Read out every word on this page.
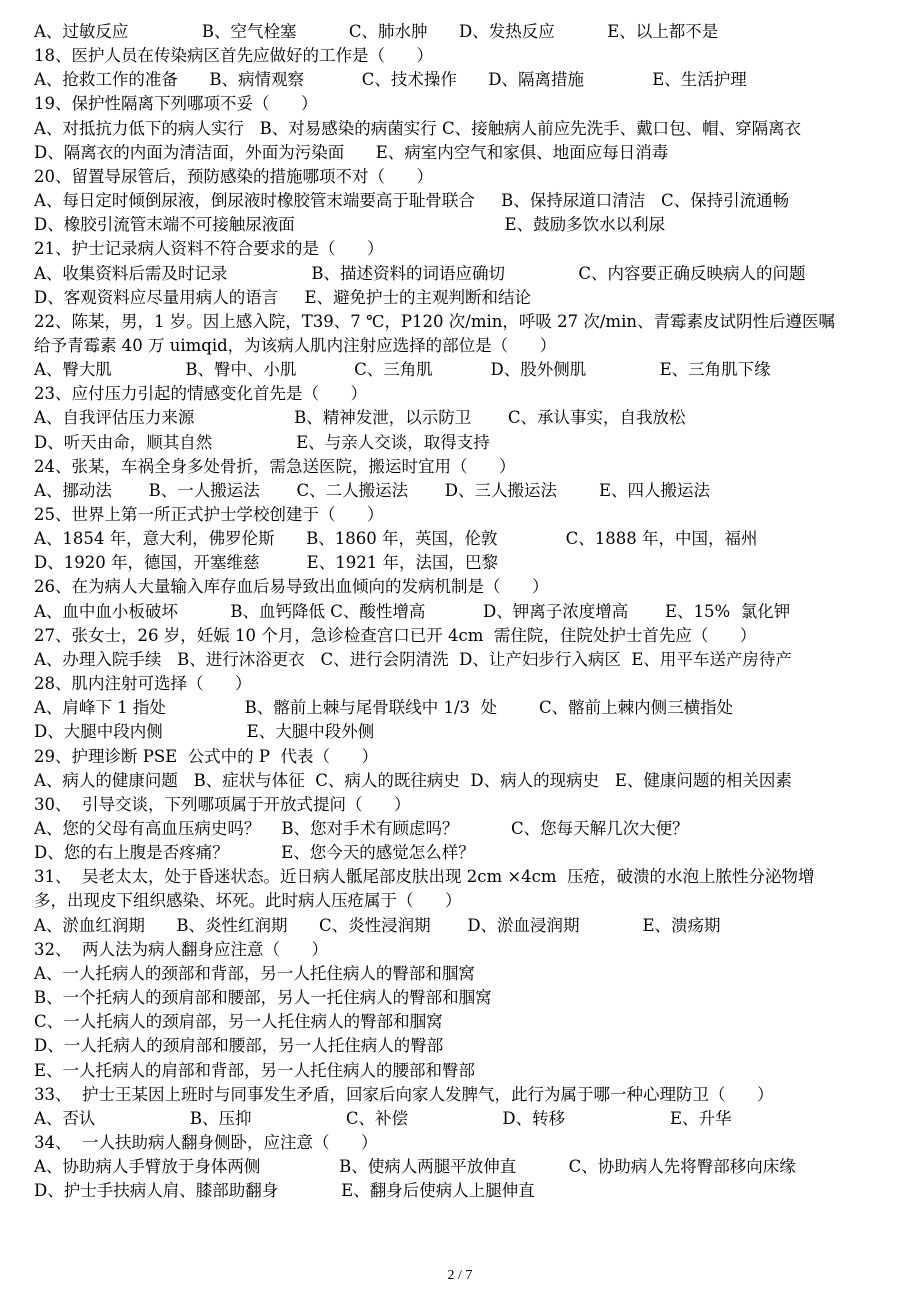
A、过敏反应              B、空气栓塞          C、肺水肿      D、发热反应          E、以上都不是
18、医护人员在传染病区首先应做好的工作是（      ）
A、抢救工作的准备      B、病情观察           C、技术操作      D、隔离措施             E、生活护理
19、保护性隔离下列哪项不妥（      ）
A、对抵抗力低下的病人实行   B、对易感染的病菌实行 C、接触病人前应先洗手、戴口包、帽、穿隔离衣
D、隔离衣的内面为清洁面，外面为污染面      E、病室内空气和家俱、地面应每日消毒
20、留置导尿管后，预防感染的措施哪项不对（      ）
A、每日定时倾倒尿液，倒尿液时橡胶管末端要高于耻骨联合     B、保持尿道口清洁   C、保持引流通畅
D、橡胶引流管末端不可接触尿液面                                        E、鼓励多饮水以利尿
21、护士记录病人资料不符合要求的是（      ）
A、收集资料后需及时记录                B、描述资料的词语应确切              C、内容要正确反映病人的问题
D、客观资料应尽量用病人的语言     E、避免护士的主观判断和结论
22、陈某，男，1 岁。因上感入院，T39、7 ℃，P120 次/min，呼吸 27 次/min、青霉素皮试阴性后遵医嘱
给予青霉素 40 万 uimqid，为该病人肌内注射应选择的部位是（      ）
A、臀大肌              B、臀中、小肌           C、三角肌           D、股外侧肌              E、三角肌下缘
23、应付压力引起的情感变化首先是（      ）
A、自我评估压力来源                   B、精神发泄，以示防卫       C、承认事实，自我放松
D、听天由命，顺其自然                E、与亲人交谈，取得支持
24、张某，车祸全身多处骨折，需急送医院，搬运时宜用（      ）
A、挪动法       B、一人搬运法       C、二人搬运法       D、三人搬运法        E、四人搬运法
25、世界上第一所正式护士学校创建于（      ）
A、1854 年，意大利，佛罗伦斯      B、1860 年，英国，伦敦             C、1888 年，中国，福州
D、1920 年，德国，开塞维慈         E、1921 年，法国，巴黎
26、在为病人大量输入库存血后易导致出血倾向的发病机制是（      ）
A、血中血小板破坏          B、血钙降低 C、酸性增高           D、钾离子浓度增高       E、15%  氯化钾
27、张女士，26 岁，妊娠 10 个月，急诊检查宫口已开 4cm  需住院，住院处护士首先应（      ）
A、办理入院手续   B、进行沐浴更衣   C、进行会阴清洗  D、让产妇步行入病区  E、用平车送产房待产
28、肌内注射可选择（      ）
A、肩峰下 1 指处               B、髂前上棘与尾骨联线中 1/3  处        C、髂前上棘内侧三横指处
D、大腿中段内侧                E、大腿中段外侧
29、护理诊断 PSE  公式中的 P  代表（      ）
A、病人的健康问题   B、症状与体征  C、病人的既往病史  D、病人的现病史   E、健康问题的相关因素
30、  引导交谈，下列哪项属于开放式提问（      ）
A、您的父母有高血压病史吗？    B、您对手术有顾虑吗？          C、您每天解几次大便？
D、您的右上腹是否疼痛？          E、您今天的感觉怎么样？
31、  吴老太太，处于昏迷状态。近日病人骶尾部皮肤出现 2cm ×4cm  压疮，破溃的水泡上脓性分泌物增
多，出现皮下组织感染、坏死。此时病人压疮属于（      ）
A、淤血红润期      B、炎性红润期      C、炎性浸润期       D、淤血浸润期            E、溃疡期
32、  两人法为病人翻身应注意（      ）
A、一人托病人的颈部和背部，另一人托住病人的臀部和腘窝
B、一个托病人的颈肩部和腰部，另人一托住病人的臀部和腘窝
C、一人托病人的颈肩部，另一人托住病人的臀部和腘窝
D、一人托病人的颈肩部和腰部，另一人托住病人的臀部
E、一人托病人的肩部和背部，另一人托住病人的腰部和臀部
33、  护士王某因上班时与同事发生矛盾，回家后向家人发脾气，此行为属于哪一种心理防卫（      ）
A、否认                  B、压抑                  C、补偿                  D、转移                    E、升华
34、  一人扶助病人翻身侧卧，应注意（      ）
A、协助病人手臂放于身体两侧               B、使病人两腿平放伸直          C、协助病人先将臀部移向床缘
D、护士手扶病人肩、膝部助翻身            E、翻身后使病人上腿伸直
2 / 7
